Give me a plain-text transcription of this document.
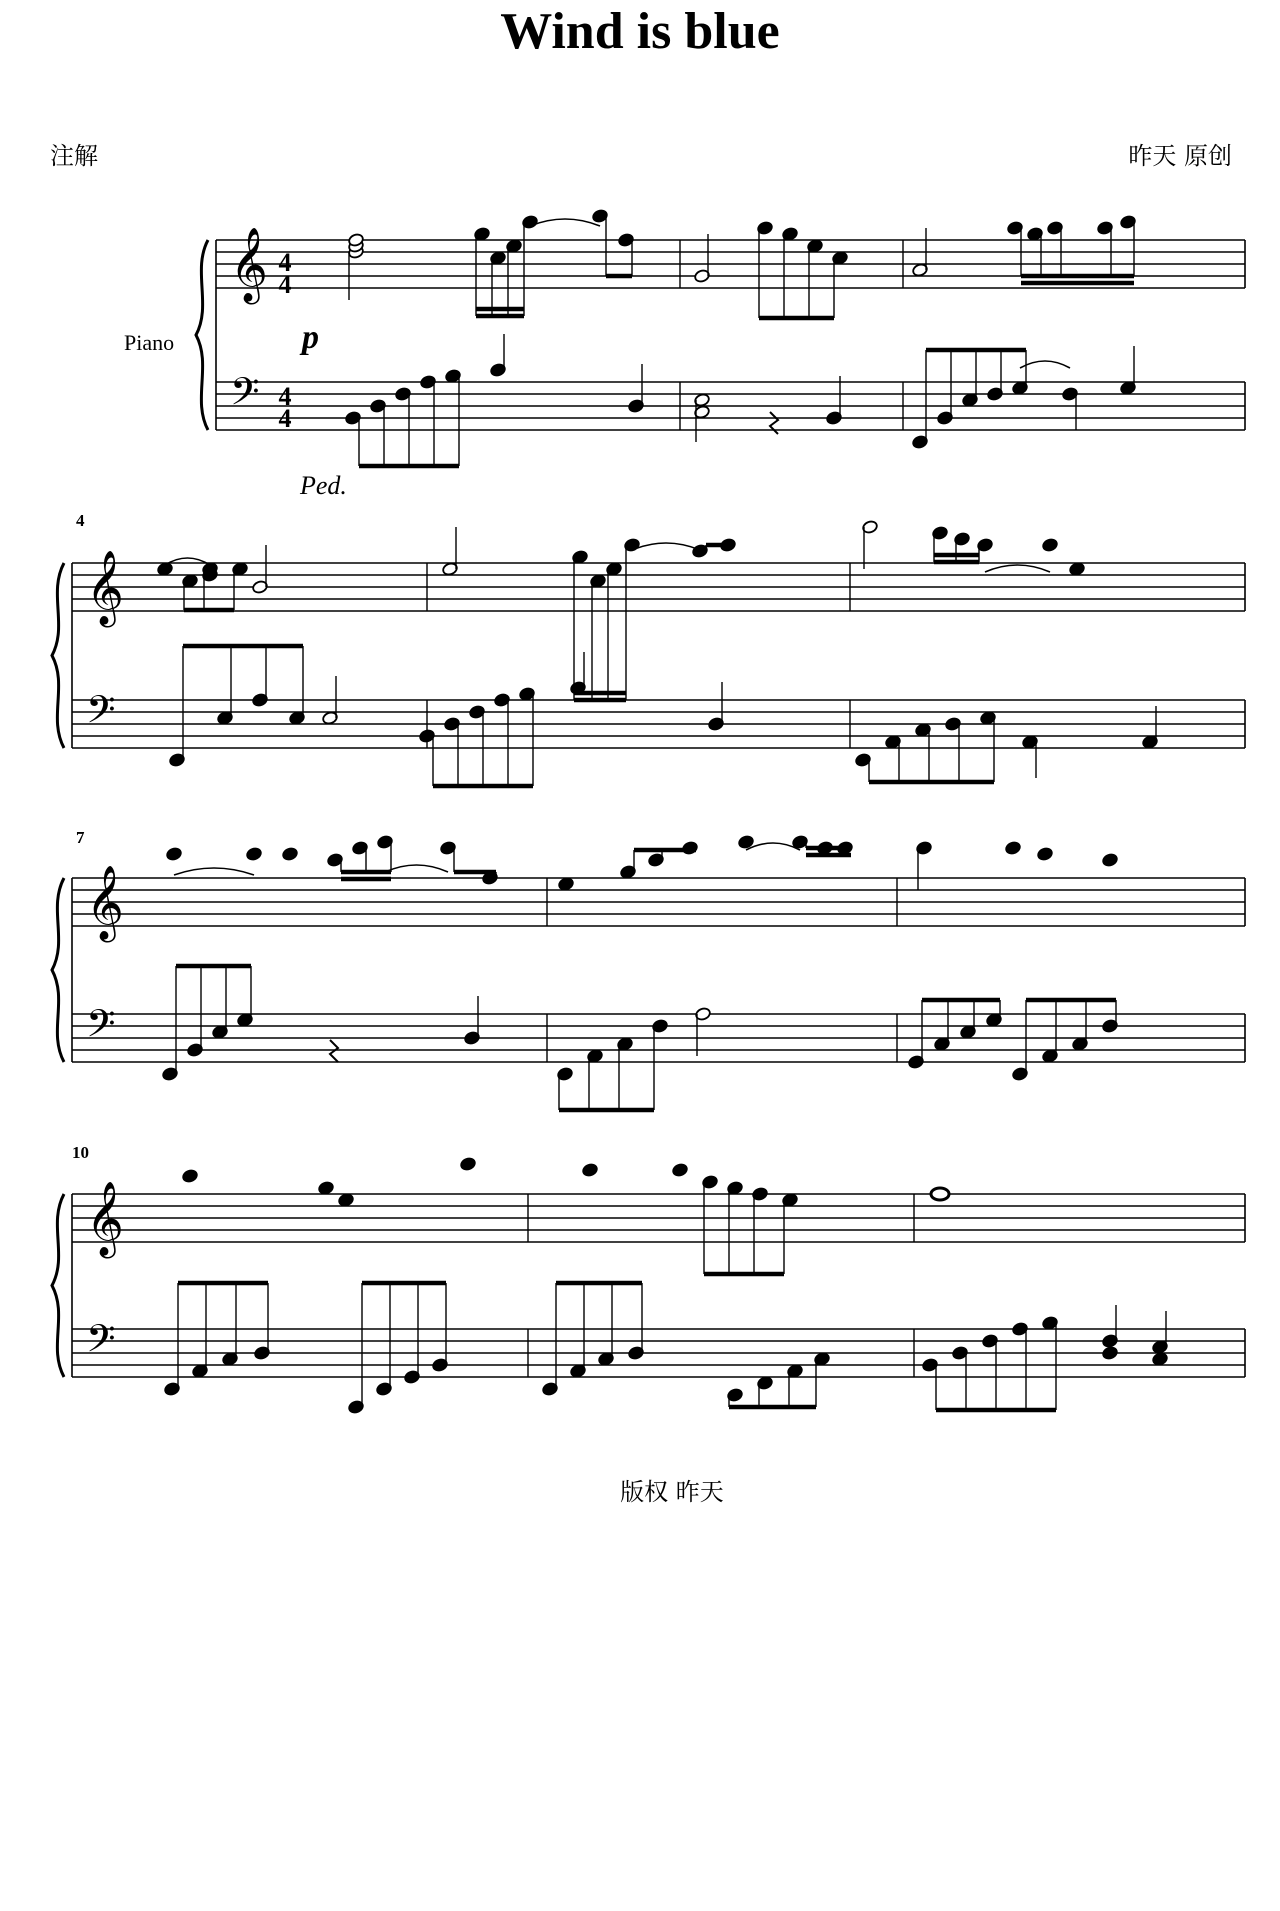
Wind is blue
注解	昨天 原创
Piano
𝄞
𝄢
𝄞
𝄢
𝄞
𝄢
𝄞
𝄢
4
4
4
4
p
Ped.
4
7
10
版权 昨天
